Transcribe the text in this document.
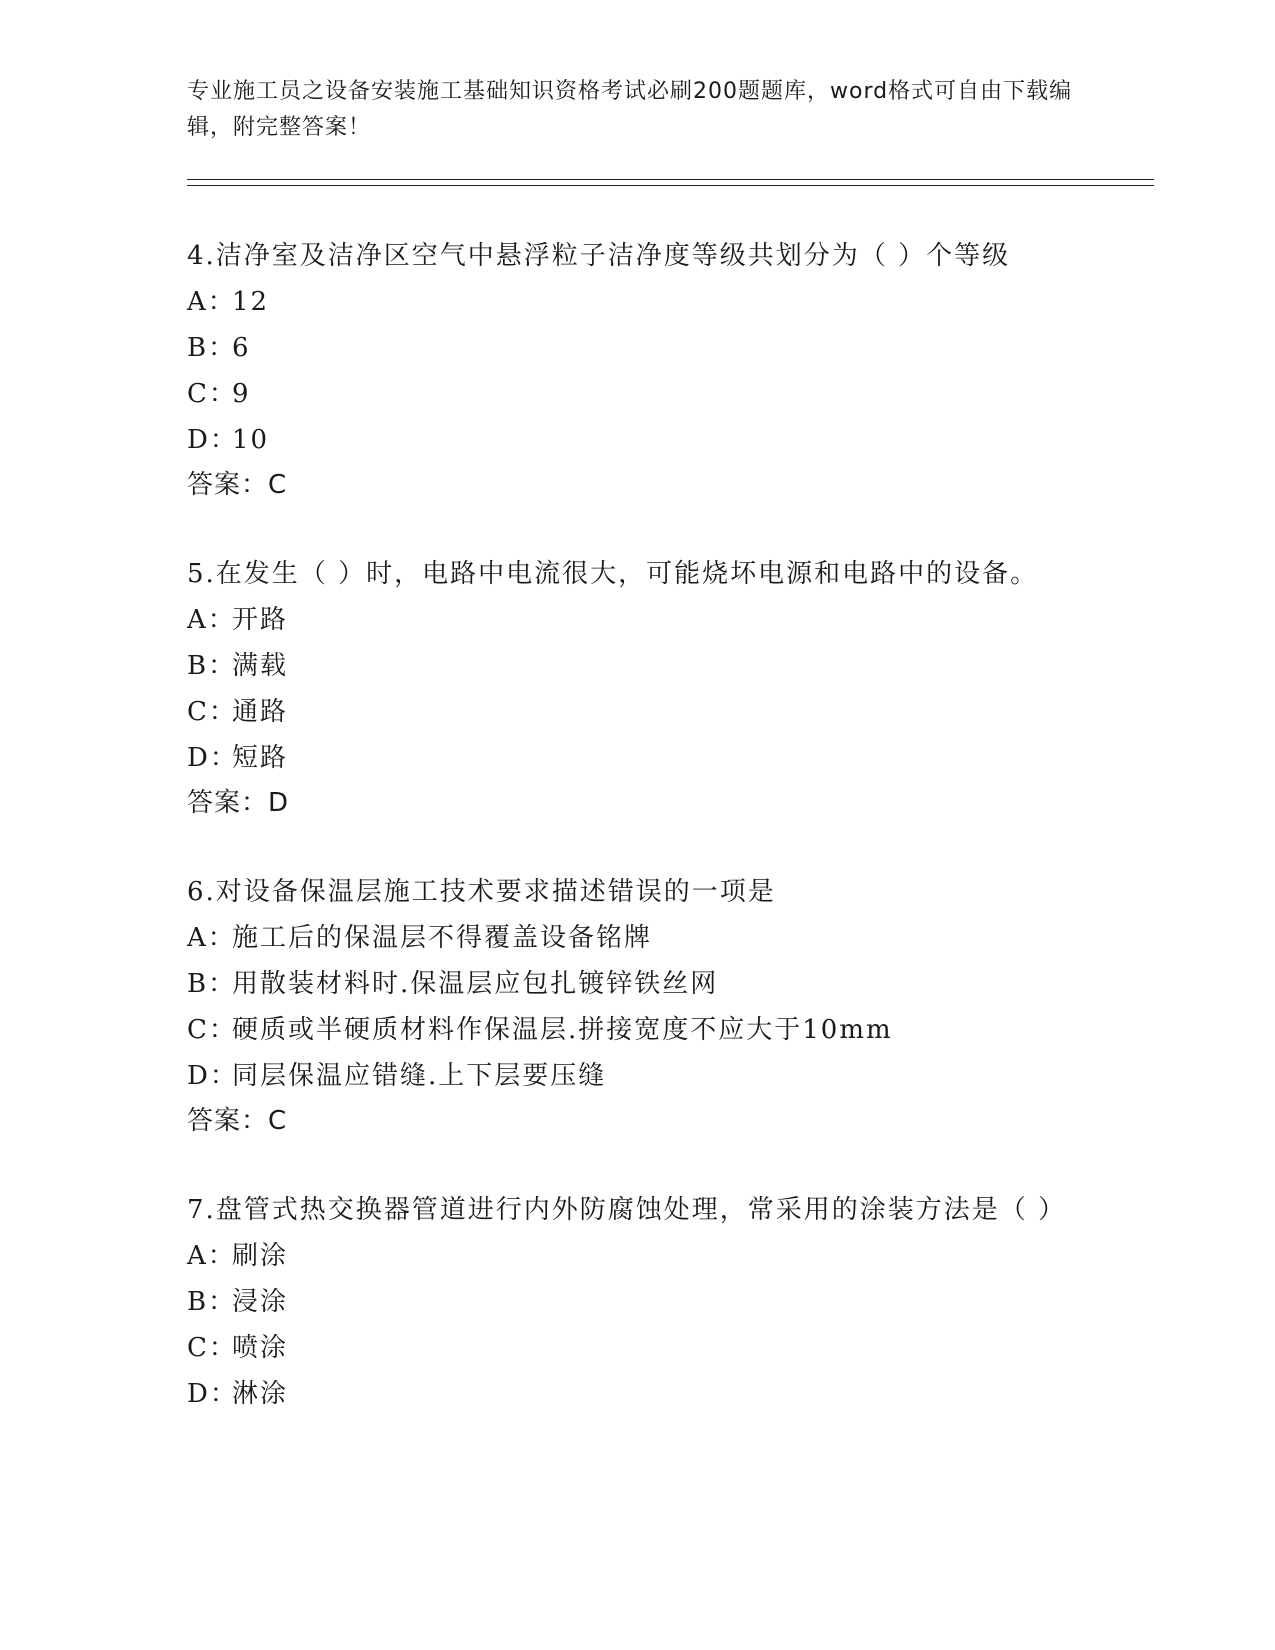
专业施工员之设备安装施工基础知识资格考试必刷200题题库，word格式可自由下载编辑，附完整答案！

4.洁净室及洁净区空气中悬浮粒子洁净度等级共划分为（ ）个等级

A：12
B：6
C：9
D：10
答案：C

5.在发生（ ）时，电路中电流很大，可能烧坏电源和电路中的设备。

A：开路
B：满载
C：通路
D：短路
答案：D

6.对设备保温层施工技术要求描述错误的一项是

A：施工后的保温层不得覆盖设备铭牌
B：用散装材料时.保温层应包扎镀锌铁丝网
C：硬质或半硬质材料作保温层.拼接宽度不应大于10mm
D：同层保温应错缝.上下层要压缝
答案：C

7.盘管式热交换器管道进行内外防腐蚀处理，常采用的涂装方法是（ ）

A：刷涂
B：浸涂
C：喷涂
D：淋涂
